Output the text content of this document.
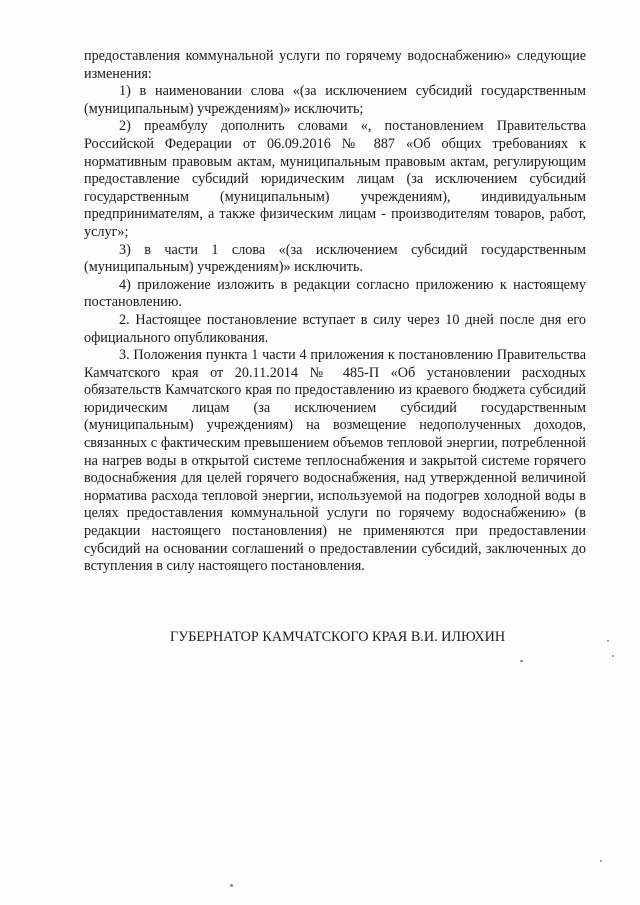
предоставления коммунальной услуги по горячему водоснабжению» следующие изменения:

1) в наименовании слова «(за исключением субсидий государственным (муниципальным) учреждениям)» исключить;

2) преамбулу дополнить словами «, постановлением Правительства Российской Федерации от 06.09.2016 № 887 «Об общих требованиях к нормативным правовым актам, муниципальным правовым актам, регулирующим предоставление субсидий юридическим лицам (за исключением субсидий государственным (муниципальным) учреждениям), индивидуальным предпринимателям, а также физическим лицам - производителям товаров, работ, услуг»;

3) в части 1 слова «(за исключением субсидий государственным (муниципальным) учреждениям)» исключить.

4) приложение изложить в редакции согласно приложению к настоящему постановлению.

2. Настоящее постановление вступает в силу через 10 дней после дня его официального опубликования.

3. Положения пункта 1 части 4 приложения к постановлению Правительства Камчатского края от 20.11.2014 № 485-П «Об установлении расходных обязательств Камчатского края по предоставлению из краевого бюджета субсидий юридическим лицам (за исключением субсидий государственным (муниципальным) учреждениям) на возмещение недополученных доходов, связанных с фактическим превышением объемов тепловой энергии, потребленной на нагрев воды в открытой системе теплоснабжения и закрытой системе горячего водоснабжения для целей горячего водоснабжения, над утвержденной величиной норматива расхода тепловой энергии, используемой на подогрев холодной воды в целях предоставления коммунальной услуги по горячему водоснабжению» (в редакции настоящего постановления) не применяются при предоставлении субсидий на основании соглашений о предоставлении субсидий, заключенных до вступления в силу настоящего постановления.

ГУБЕРНАТОР КАМЧАТСКОГО КРАЯ В.И. ИЛЮХИН
